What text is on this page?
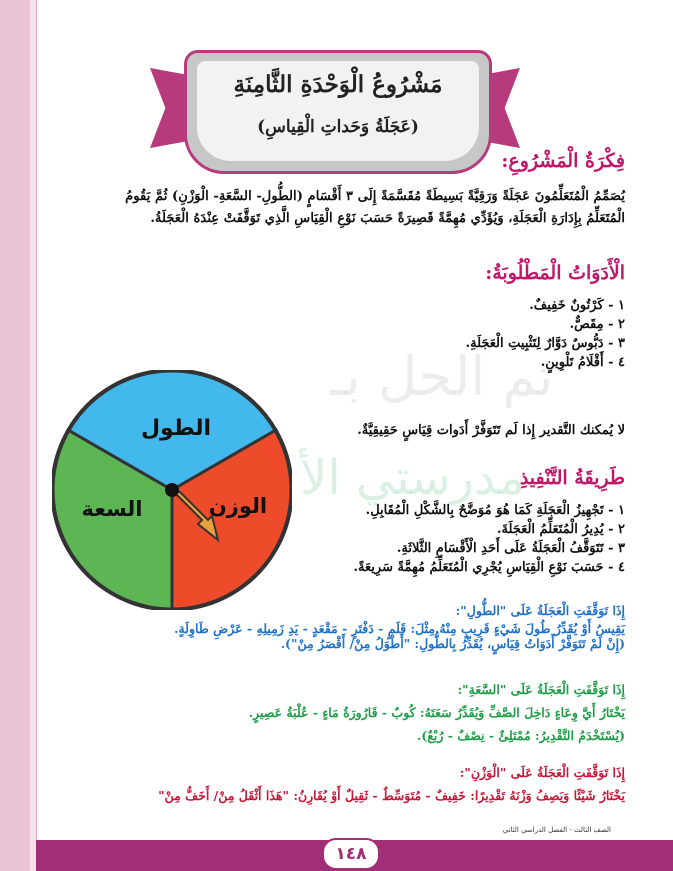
تم الحل بـ
مدرستي الأ
مَشْرُوعُ الْوَحْدَةِ الثَّامِنَةِ
(عَجَلَةُ وَحَداتِ الْقِياسِ)
فِكْرَةُ الْمَشْرُوعِ:
يُصَمِّمُ الْمُتَعَلِّمُونَ عَجَلَةً وَرَقِيَّةً بَسِيطَةً مُقَسَّمَةً إِلَى ٣ أَقْسَامٍ (الطُّولِ- السَّعَةِ- الْوَزْنِ) ثُمَّ يَقُومُ
الْمُتَعَلِّمُ بِإِدَارَةِ الْعَجَلَةِ، وَيُؤَدِّي مُهِمَّةً قَصِيرَةً حَسَبَ نَوْعِ الْقِيَاسِ الَّذِي تَوَقَّفَتْ عِنْدَهُ الْعَجَلَةُ.
الْأَدَوَاتُ الْمَطْلُوبَةُ:
١ - كَرْتُونٌ خَفِيفٌ.
٢ - مِقَصٌّ.
٣ - دَبُّوسٌ دَوَّارٌ لِتَثْبِيتِ الْعَجَلَةِ.
٤ - أَقْلَامُ تَلْوِينٍ.
لا يُمكنك التَّقدير إِذا لَم تَتَوَفَّرْ أَدَوات قِيَاسٍ حَقِيقِيَّةٌ.
الطول
السعة	الوزن
طَرِيقَةُ التَّنْفِيذِ
١ - تَجْهِيزُ الْعَجَلَةِ كَمَا هُوَ مُوَضَّحٌ بِالشَّكْلِ الْمُقَابِلِ.
٢ - يُدِيرُ الْمُتَعَلِّمُ الْعَجَلَةَ.
٣ - تَتَوَقَّفُ الْعَجَلَةُ عَلَى أَحَدِ الْأَقْسَامِ الثَّلاثَةِ.
٤ - حَسَبَ نَوْعِ الْقِيَاسِ يُجْرِي الْمُتَعَلِّمُ مُهِمَّةً سَرِيعَةً.
إِذَا تَوَقَّفَتِ الْعَجَلَةُ عَلَى "الطُّولِ":
يَقِيسُ أَوْ يُقَدِّرُ طُولَ شَيْءٍ قَرِيبٍ مِنْهُ مِثْلَ: قَلَمٍ - دَفْتَرٍ - مَقْعَدٍ - يَدِ زَمِيلِهِ - عَرْضِ طَاوِلَةٍ.
(إِنْ لَمْ تَتَوَفَّرْ أَدَوَاتُ قِيَاسٍ، يُقَدِّرُ بِالطُّولِ: "أَطْوَلُ مِنْ/ أَقْصَرُ مِنْ").
إِذَا تَوَقَّفَتِ الْعَجَلَةُ عَلَى "السَّعَةِ":
يَخْتَارُ أَيَّ وِعَاءٍ دَاخِلَ الصَّفِّ وَيُقَدِّرُ سَعَتَهُ: كُوبٌ - قَارُورَةُ مَاءٍ - عُلْبَةُ عَصِيرٍ.
(يُسْتَخْدَمُ التَّقْدِيرُ: مُمْتَلِئٌ - نِصْفٌ - رُبْعٌ).
إِذَا تَوَقَّفَتِ الْعَجَلَةُ عَلَى "الْوَزْنِ":
يَخْتَارُ شَيْئًا وَيَصِفُ وَزْنَهُ تَقْدِيرًا: خَفِيفٌ - مُتَوَسِّطٌ - ثَقِيلٌ أَوْ يُقَارِنُ: "هَذَا أَثْقَلُ مِنْ/ أَخَفُّ مِنْ"
الصف الثالث - الفصل الدراسي الثاني
١٤٨
